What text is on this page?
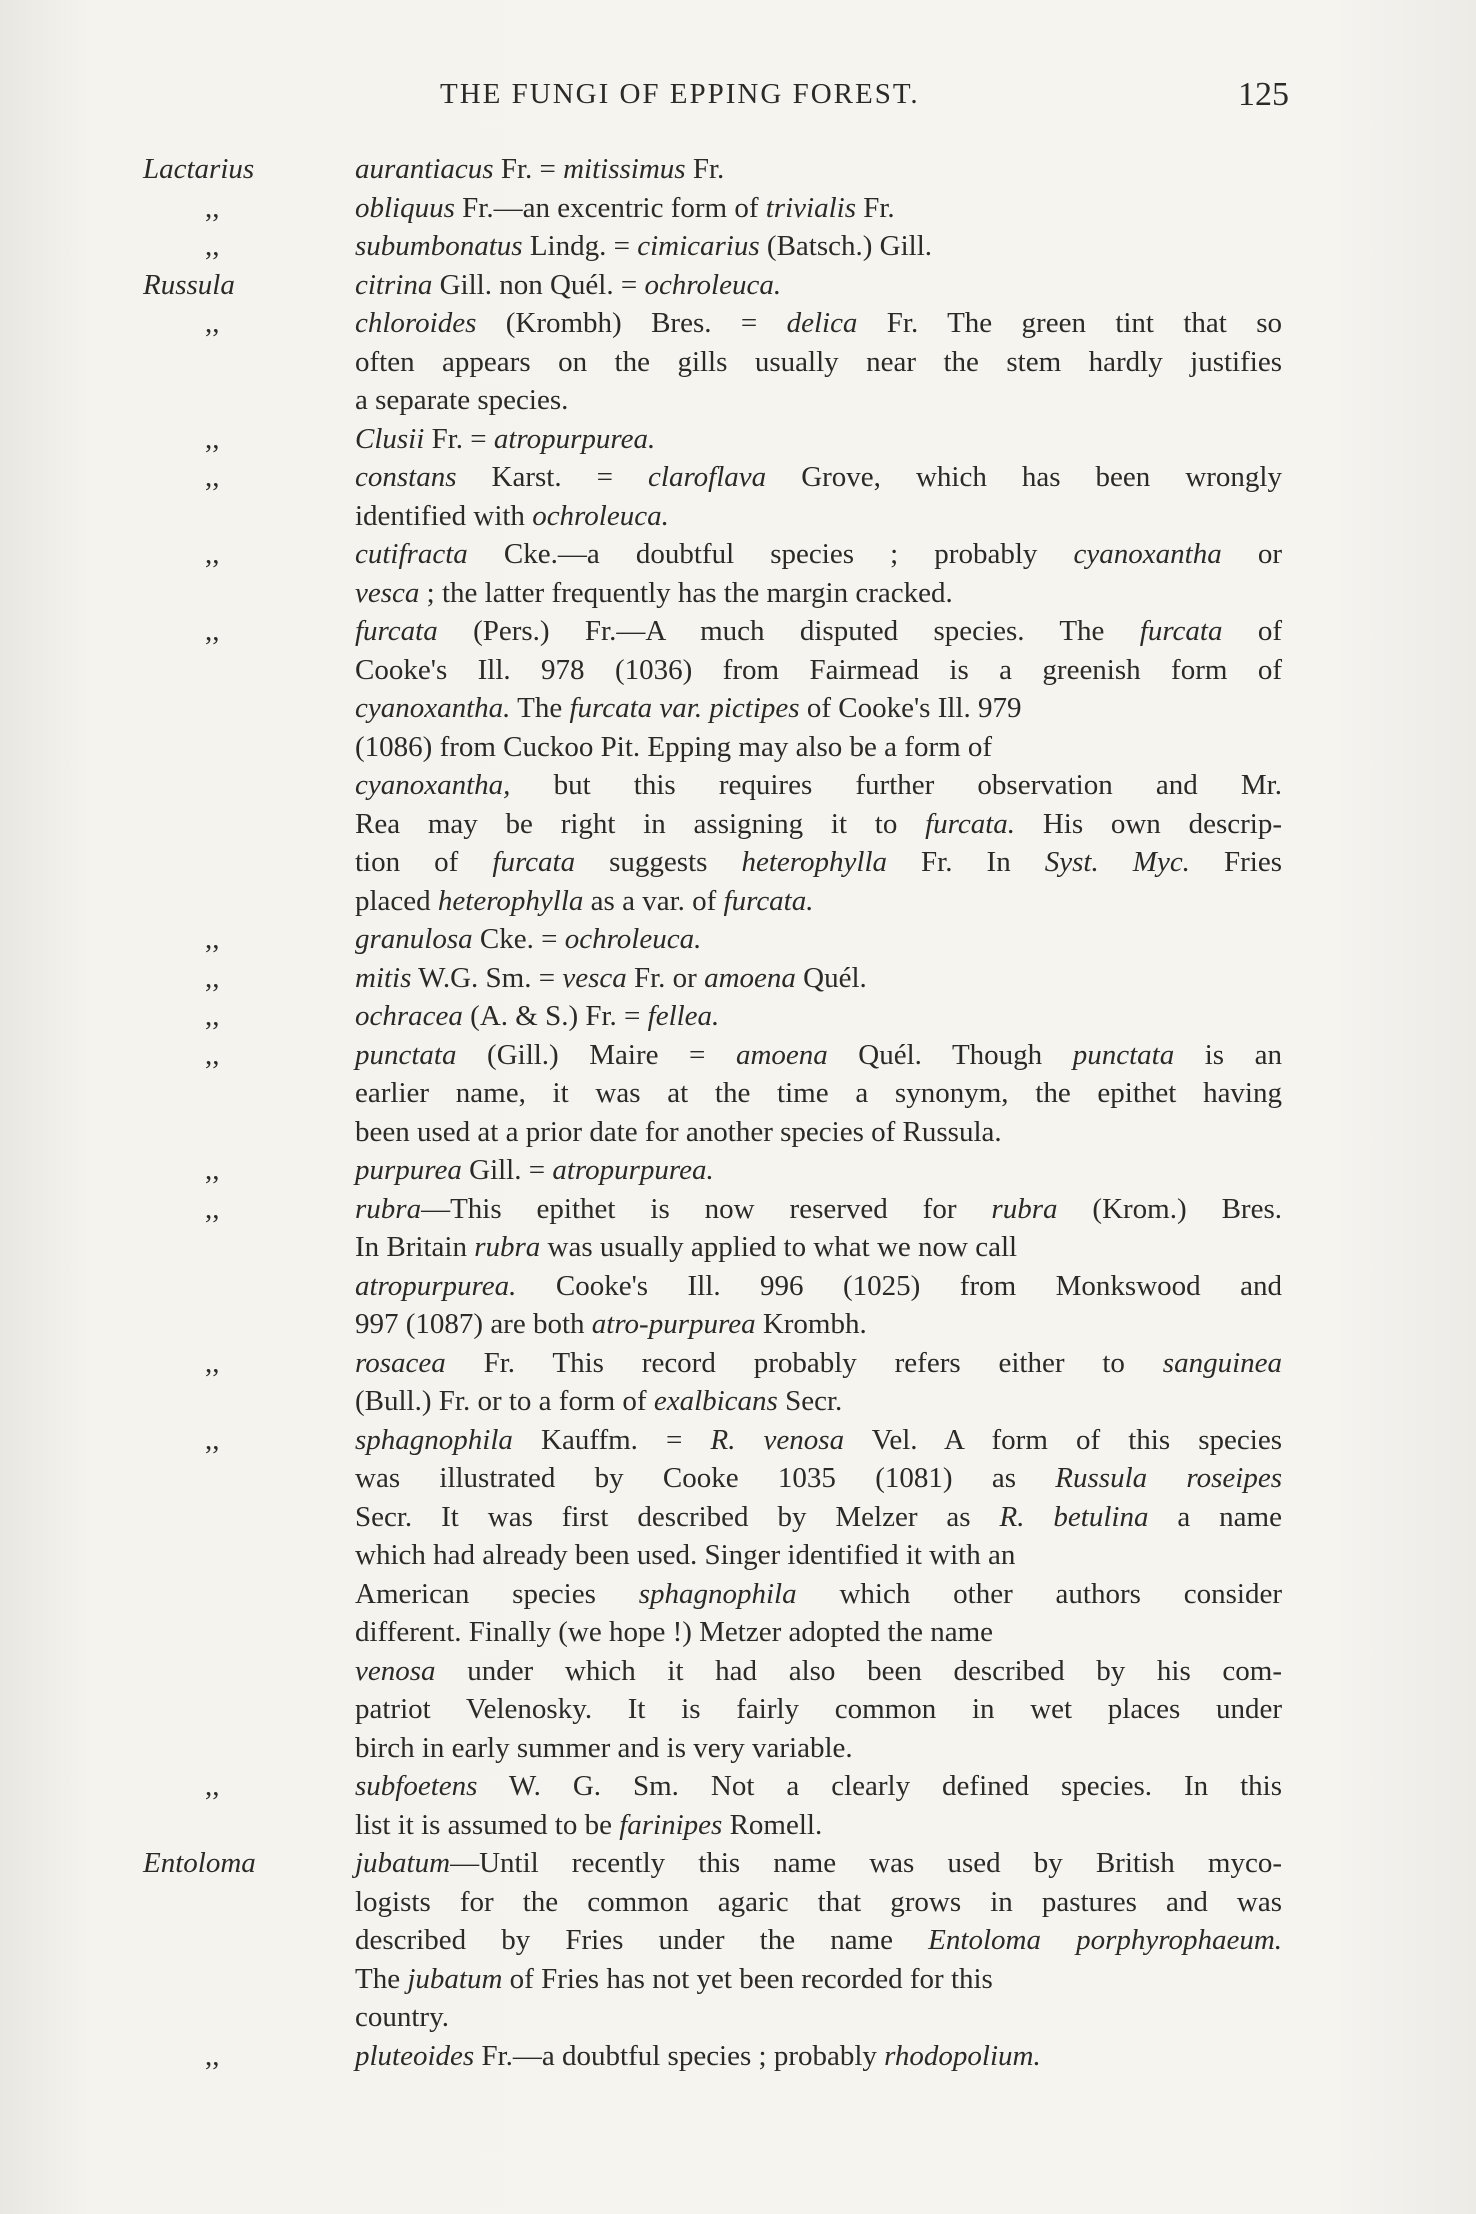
THE FUNGI OF EPPING FOREST.	125
Lactarius	aurantiacus Fr. = mitissimus Fr.
,,	obliquus Fr.—an excentric form of trivialis Fr.
,,	subumbonatus Lindg. = cimicarius (Batsch.) Gill.
Russula	citrina Gill. non Quél. = ochroleuca.
,,	chloroides (Krombh) Bres. = delica Fr. The green tint that so
often appears on the gills usually near the stem hardly justifies
a separate species.
,,	Clusii Fr. = atropurpurea.
,,	constans Karst. = claroflava Grove, which has been wrongly
identified with ochroleuca.
,,	cutifracta Cke.—a doubtful species ; probably cyanoxantha or
vesca ; the latter frequently has the margin cracked.
,,	furcata (Pers.) Fr.—A much disputed species. The furcata of
Cooke's Ill. 978 (1036) from Fairmead is a greenish form of
cyanoxantha. The furcata var. pictipes of Cooke's Ill. 979
(1086) from Cuckoo Pit. Epping may also be a form of
cyanoxantha, but this requires further observation and Mr.
Rea may be right in assigning it to furcata. His own descrip-
tion of furcata suggests heterophylla Fr. In Syst. Myc. Fries
placed heterophylla as a var. of furcata.
,,	granulosa Cke. = ochroleuca.
,,	mitis W.G. Sm. = vesca Fr. or amoena Quél.
,,	ochracea (A. & S.) Fr. = fellea.
,,	punctata (Gill.) Maire = amoena Quél. Though punctata is an
earlier name, it was at the time a synonym, the epithet having
been used at a prior date for another species of Russula.
,,	purpurea Gill. = atropurpurea.
,,	rubra—This epithet is now reserved for rubra (Krom.) Bres.
In Britain rubra was usually applied to what we now call
atropurpurea. Cooke's Ill. 996 (1025) from Monkswood and
997 (1087) are both atro-purpurea Krombh.
,,	rosacea Fr. This record probably refers either to sanguinea
(Bull.) Fr. or to a form of exalbicans Secr.
,,	sphagnophila Kauffm. = R. venosa Vel. A form of this species
was illustrated by Cooke 1035 (1081) as Russula roseipes
Secr. It was first described by Melzer as R. betulina a name
which had already been used. Singer identified it with an
American species sphagnophila which other authors consider
different. Finally (we hope !) Metzer adopted the name
venosa under which it had also been described by his com-
patriot Velenosky. It is fairly common in wet places under
birch in early summer and is very variable.
,,	subfoetens W. G. Sm. Not a clearly defined species. In this
list it is assumed to be farinipes Romell.
Entoloma	jubatum—Until recently this name was used by British myco-
logists for the common agaric that grows in pastures and was
described by Fries under the name Entoloma porphyrophaeum.
The jubatum of Fries has not yet been recorded for this
country.
,,	pluteoides Fr.—a doubtful species ; probably rhodopolium.
